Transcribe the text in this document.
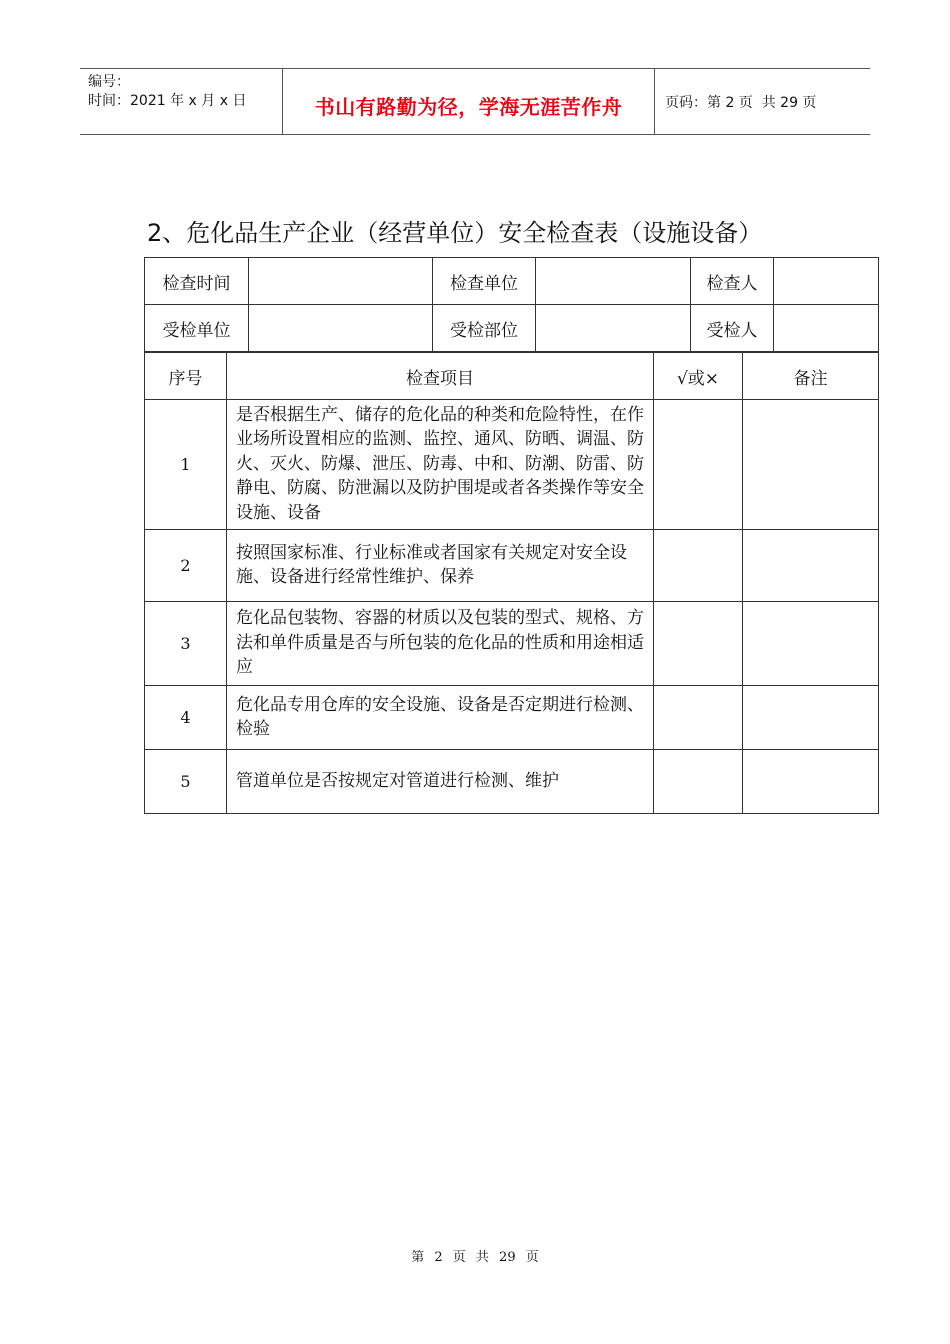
编号：
时间：2021 年 x 月 x 日	书山有路勤为径，学海无涯苦作舟	页码：第 2 页  共 29 页
2、危化品生产企业（经营单位）安全检查表（设施设备）
检查时间		检查单位		检查人	
受检单位		受检部位		受检人	
序号	检查项目	√或×	备注
1	是否根据生产、储存的危化品的种类和危险特性，在作业场所设置相应的监测、监控、通风、防晒、调温、防火、灭火、防爆、泄压、防毒、中和、防潮、防雷、防静电、防腐、防泄漏以及防护围堤或者各类操作等安全设施、设备		
2	按照国家标准、行业标准或者国家有关规定对安全设施、设备进行经常性维护、保养		
3	危化品包装物、容器的材质以及包装的型式、规格、方法和单件质量是否与所包装的危化品的性质和用途相适应		
4	危化品专用仓库的安全设施、设备是否定期进行检测、检验		
5	管道单位是否按规定对管道进行检测、维护		
第 2 页 共 29 页
